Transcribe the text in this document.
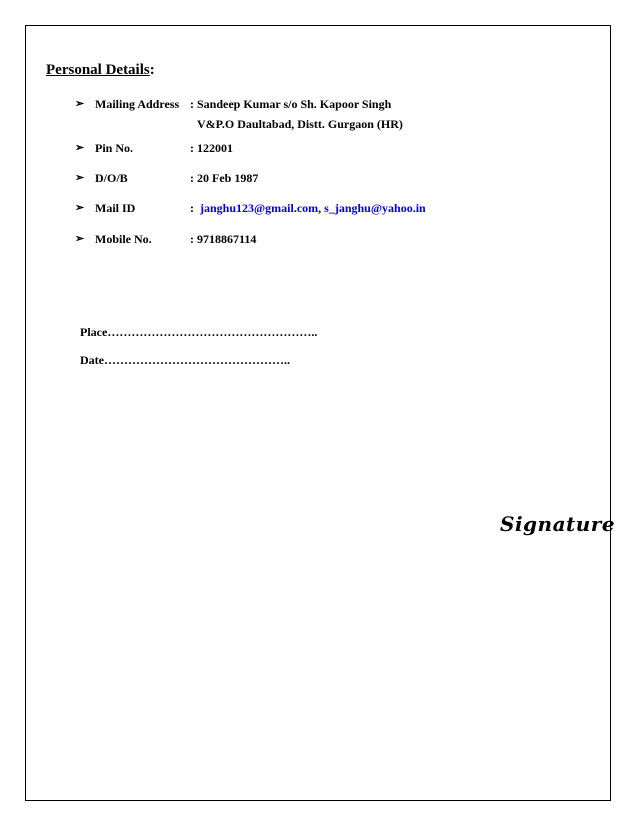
Personal Details:
➢ Mailing Address : Sandeep Kumar s/o Sh. Kapoor Singh
V&P.O Daultabad, Distt. Gurgaon (HR)
➢ Pin No.	: 122001
➢ D/O/B	: 20 Feb 1987
➢ Mail ID	:  janghu123@gmail.com, s_janghu@yahoo.in
➢ Mobile No.	: 9718867114
Place……………………………………………..
Date………………………………………..
Signature
